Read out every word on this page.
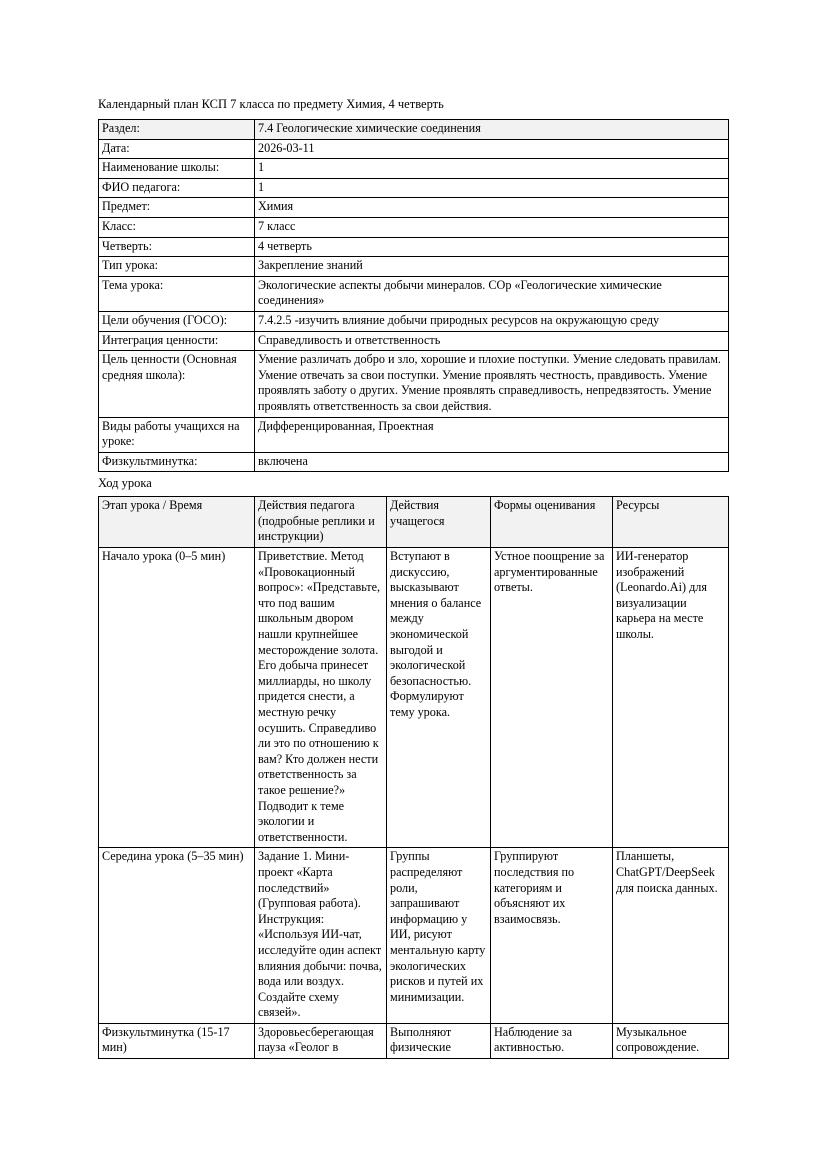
Календарный план КСП 7 класса по предмету Химия, 4 четверть

Раздел:	7.4 Геологические химические соединения
Дата:	2026-03-11
Наименование школы:	1
ФИО педагога:	1
Предмет:	Химия
Класс:	7 класс
Четверть:	4 четверть
Тип урока:	Закрепление знаний
Тема урока:	Экологические аспекты добычи минералов. СОр «Геологические химические соединения»
Цели обучения (ГОСО):	7.4.2.5 -изучить влияние добычи природных ресурсов на окружающую среду
Интеграция ценности:	Справедливость и ответственность
Цель ценности (Основная средняя школа):	Умение различать добро и зло, хорошие и плохие поступки. Умение следовать правилам. Умение отвечать за свои поступки. Умение проявлять честность, правдивость. Умение проявлять заботу о других. Умение проявлять справедливость, непредвзятость. Умение проявлять ответственность за свои действия.
Виды работы учащихся на уроке:	Дифференцированная, Проектная
Физкультминутка:	включена

Ход урока

Этап урока / Время	Действия педагога (подробные реплики и инструкции)	Действия учащегося	Формы оценивания	Ресурсы
Начало урока (0–5 мин)	Приветствие. Метод «Провокационный вопрос»: «Представьте, что под вашим школьным двором нашли крупнейшее месторождение золота. Его добыча принесет миллиарды, но школу придется снести, а местную речку осушить. Справедливо ли это по отношению к вам? Кто должен нести ответственность за такое решение?» Подводит к теме экологии и ответственности.	Вступают в дискуссию, высказывают мнения о балансе между экономической выгодой и экологической безопасностью. Формулируют тему урока.	Устное поощрение за аргументированные ответы.	ИИ-генератор изображений (Leonardo.Ai) для визуализации карьера на месте школы.
Середина урока (5–35 мин)	Задание 1. Мини-проект «Карта последствий» (Групповая работа). Инструкция: «Используя ИИ-чат, исследуйте один аспект влияния добычи: почва, вода или воздух. Создайте схему связей».	Группы распределяют роли, запрашивают информацию у ИИ, рисуют ментальную карту экологических рисков и путей их минимизации.	Группируют последствия по категориям и объясняют их взаимосвязь.	Планшеты, ChatGPT/DeepSeek для поиска данных.
Физкультминутка (15-17 мин)	Здоровьесберегающая пауза «Геолог в	Выполняют физические	Наблюдение за активностью.	Музыкальное сопровождение.
